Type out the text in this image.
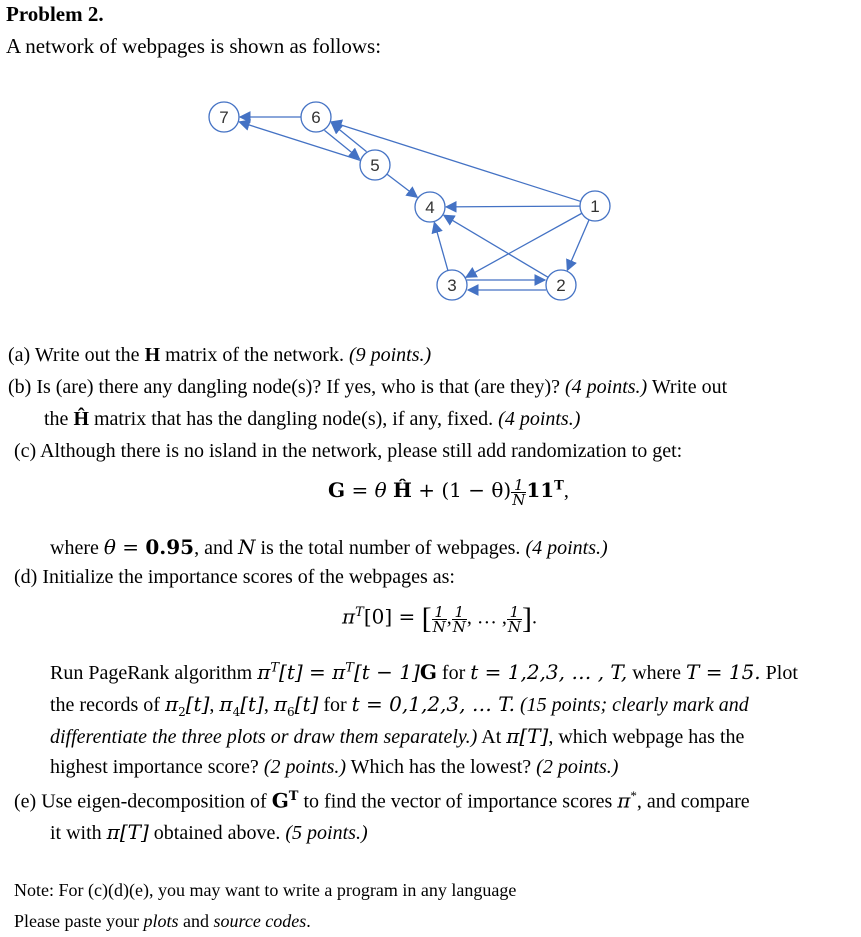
Problem 2.
A network of webpages is shown as follows:
7	6
5
4	1
3	2
(a) Write out the H matrix of the network. (9 points.)
(b) Is (are) there any dangling node(s)? If yes, who is that (are they)? (4 points.) Write out
the Ĥ matrix that has the dangling node(s), if any, fixed. (4 points.)
(c) Although there is no island in the network, please still add randomization to get:
G = θ Ĥ + $(1 - \theta) \frac{1}{N} 11^T$,
where θ = 0.95, and N is the total number of webpages. (4 points.)
(d) Initialize the importance scores of the webpages as:
$\pi^T[0]$ = [ $\frac{1}{N}$ , $\frac{1}{N}$ , … , $\frac{1}{N}$ ].
Run PageRank algorithm $\pi^T[t] = \pi^T[t - 1]G$ for t = 1,2,3, … , T, where T = 15. Plot
the records of $\pi_2[t]$, $\pi_4[t]$, $\pi_6[t]$ for t = 0,1,2,3, … T. (15 points; clearly mark and
differentiate the three plots or draw them separately.) At π[T], which webpage has the
highest importance score? (2 points.) Which has the lowest? (2 points.)
(e) Use eigen-decomposition of $G^T$ to find the vector of importance scores π*, and compare
it with π[T] obtained above. (5 points.)
Note: For (c)(d)(e), you may want to write a program in any language
Please paste your plots and source codes.
